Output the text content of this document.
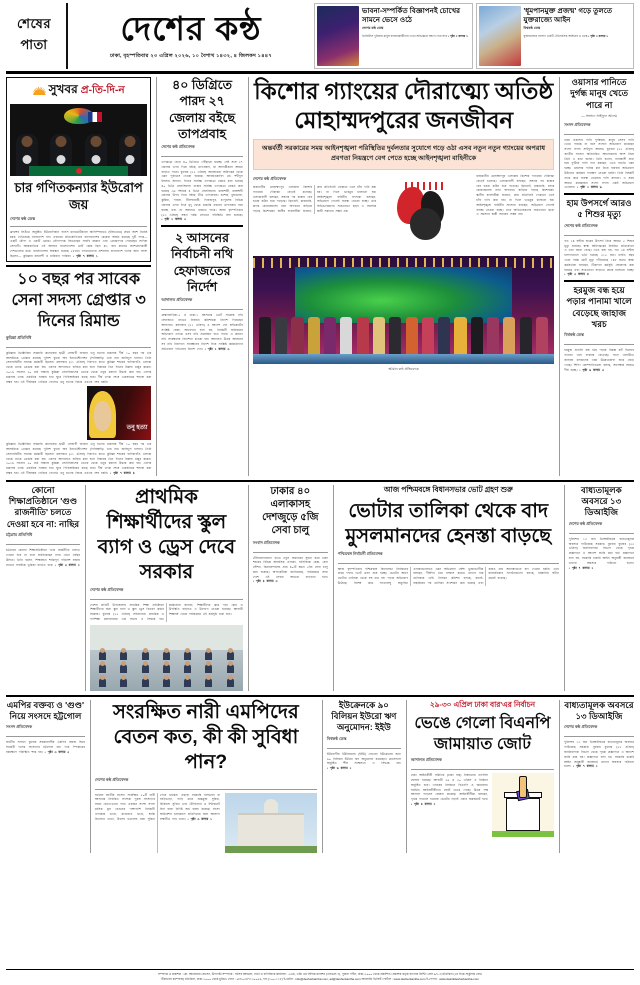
শেষের
পাতা দেশের কন্ঠ
ঢাকা, বৃহস্পতিবার ২৩ এপ্রিল ২০২৬, ১০ বৈশাখ ১৪৩২, ৪ জিলকদ ১৪৪৭
ভাবনা-সম্পর্কিত বিজ্ঞাপনই চোখের সামনে ভেসে ওঠে
দেশের কন্ঠ ডেস্ক
ডিজিটাল দুনিয়ায় মানুষ ব্যবহারকারীদের এখন অভিজ্ঞতা আগে-পরে সবে • পৃষ্ঠা ২ কলাম ১
'ধূমপানমুক্ত প্রজন্ম' গড়ে তুলতে যুক্তরাজ্যে আইন
বিশ্বকন্ঠ ডেস্ক
যুক্তরাজ্যের সংসদে একটি ঐতিহাসিক আইনের ও ডেস্ক • পৃষ্ঠা ২ কলাম ১
সুখবর প্র-তি-দি-ন
চার গণিতকন্যার ইউরোপ জয়
দেশের কন্ঠ ডেস্ক
ফ্রান্সের লিওঁতে অনুষ্ঠিত ইউরোপিয়ান গার্লস ম্যাথমেটিক্যাল অলিম্পিয়াডে (ইজিএমও) প্রথম অংশ নিয়েই চমক দেখিয়েছে বাংলাদেশ দল। এবারের প্রতিযোগিতায় বাংলাদেশের মেয়েরা অর্জন করেছে দুটি পদক— একটি রৌপ্য ও একটি ব্রোঞ্জ। রৌপ্যপদক জিতেছেন সানবি রহমান এবং ব্রোঞ্জপদক পেয়েছেন সাদিয়া সোহানী। আন্তর্জাতিক এই আসরে বাংলাদেশের মোট স্কোর ছিল ৪৮, যার মাধ্যমে অংশগ্রহণকারী দেশগুলোর মধ্যে বাংলাদেশের অবস্থান হয়েছে ৫৮তম। দলনেতাদের প্রশংসায় বাংলাদেশ দলের অন্য সদস্য ছিলেন— কুমিল্লার রায়নন্দী ও মারিয়ান পারিয়া। • পৃষ্ঠা ৭ কলাম ১
১০ বছর পর সাবেক সেনা সদস্য গ্রেপ্তার ৩ দিনের রিমান্ড
কুমিল্লা প্রতিনিধি
কুমিল্লার ভিক্টোরিয়া সরকারি কলেজের ছাত্রী সোহাগী জাহান তনু হত্যার মামলায় দীর্ঘ ১০ বছর পর এক আসামিকে গ্রেপ্তার করেছে পুলিশ ব্যুরো অব ইনভেস্টিগেশন (পিবিআই)। তার নাম জাহিদুল হাসান। তিনি সেনাবাহিনীর সাবেক কর্মচারী ছিলেন। মঙ্গলবার (২১ এপ্রিল) দিবাগত রাতে কুমিল্লা শহরের বাগিচাগাঁও এলাকা থেকে তাকে গ্রেপ্তার করা হয়। এরপর আদালতে হাজির করা হলে বিচারক তিন দিনের রিমান্ড মঞ্জুর করেন। ২০১৬ সালের ২০ মার্চ সন্ধ্যায় কুমিল্লা সেনানিবাসের ভেতর থেকে তনুর মরদেহ উদ্ধার করা হয়। এরপর মামলার তদন্ত একাধিক সংস্থার হাত ঘুরে পিবিআইয়ের কাছে যায়। দীর্ঘ তদন্ত শেষে একজনকে শনাক্ত করা সম্ভব হয়। এই দীর্ঘসময় পেরিয়ে গেলেও তনু হত্যার বিচার এখনো শেষ হয়নি।
তনু হত্যা
কুমিল্লার ভিক্টোরিয়া সরকারি কলেজের ছাত্রী সোহাগী জাহান তনু হত্যার মামলায় দীর্ঘ ১০ বছর পর এক আসামিকে গ্রেপ্তার করেছে পুলিশ ব্যুরো অব ইনভেস্টিগেশন (পিবিআই)। তার নাম জাহিদুল হাসান। তিনি সেনাবাহিনীর সাবেক কর্মচারী ছিলেন। মঙ্গলবার (২১ এপ্রিল) দিবাগত রাতে কুমিল্লা শহরের বাগিচাগাঁও এলাকা থেকে তাকে গ্রেপ্তার করা হয়। এরপর আদালতে হাজির করা হলে বিচারক তিন দিনের রিমান্ড মঞ্জুর করেন। ২০১৬ সালের ২০ মার্চ সন্ধ্যায় কুমিল্লা সেনানিবাসের ভেতর থেকে তনুর মরদেহ উদ্ধার করা হয়। এরপর মামলার তদন্ত একাধিক সংস্থার হাত ঘুরে পিবিআইয়ের কাছে যায়। দীর্ঘ তদন্ত শেষে একজনকে শনাক্ত করা সম্ভব হয়। এই দীর্ঘসময় পেরিয়ে গেলেও তনু হত্যার বিচার এখনো শেষ হয়নি। • পৃষ্ঠা ৭ কলাম ৪
৪০ ডিগ্রিতে পারদ ২৭ জেলায় বইছে তাপপ্রবাহ
দেশের কন্ঠ প্রতিবেদক
তাপমাত্রা বেড়ে ৪০ ডিগ্রিতে পৌঁছানো যাচ্ছে। সেই সঙ্গে ২৭ জেলার ওপর দিয়ে বইছে তাপপ্রবাহ, যা আগামীকাল আরও বাড়তে পারে। বুধবার (২২ এপ্রিল) আবহাওয়া অধিদপ্তর থেকে এমন পূর্বাভাস দেওয়া হয়েছে। আবহাওয়াবিদ মো. শহীদুল ইসলাম জানান, দিনের সর্বোচ্চ তাপমাত্রা রেকর্ড করা হয়েছে ৪০ ডিগ্রি সেলসিয়াস। ঢাকার সর্বোচ্চ তাপমাত্রা রেকর্ড করা হয়েছে ৩৬ দশমিক ৪ ডিগ্রি সেলসিয়াস। রাজশাহী, রাজশাহী জেলার উপর দিয়ে বইছে তীব্র তাপপ্রবাহ। যশোর, চুয়াডাঙ্গা, কুষ্টিয়া, পাবনা, নীলফামারী, দিনাজপুর, রংপুরসহ বিভিন্ন জেলার ওপর দিয়ে মৃদু থেকে মাঝারি ধরনের তাপপ্রবাহ বয়ে যাচ্ছে এবং তা অব্যাহত থাকতে পারে। আজ বৃহস্পতিবার (২৩ এপ্রিল) সন্ধ্যা পর্যন্ত সেখানে পরিস্থিতি বলা হয়েছে। • পৃষ্ঠা ২ কলাম ৫
২ আসনের নির্বাচনী নথি হেফাজতের নির্দেশ
আদালত প্রতিবেদক
ব্রাহ্মণবাড়িয়া-২ ও ঢাকা-১ আসনের ভোট সংক্রান্ত নথি হেফাজতে রাখতে নির্বাচন কমিশনকে নির্দেশ দিয়েছেন আদালত। মঙ্গলবার (২১ এপ্রিল) এ আদেশ দেন হাইকোর্টের সংশ্লিষ্ট বেঞ্চ। আবেদনে বলা হয়, নির্বাচনী অনিয়মের অভিযোগ তদন্তে এসব নথি প্রয়োজন হতে পারে। এ কারণে নথি সংরক্ষণের নির্দেশনা চাওয়া হয়। আদালত উভয় আসনের সব নথি নিরাপদে সংরক্ষণের নির্দেশ দিয়ে সংশ্লিষ্ট কর্মকর্তাদের প্রতিবেদন দাখিলের নির্দেশ দেন। • পৃষ্ঠা ২ কলাম ৩
কিশোর গ্যাংয়ের দৌরাত্ম্যে অতিষ্ঠ মোহাম্মদপুরের জনজীবন
অন্তর্বর্তী সরকারের সময় আইনশৃঙ্খলা পরিস্থিতির দুর্বলতার সুযোগে গড়ে ওঠা এসব নতুন নতুন গ্যাংয়ের অপরাধ প্রবণতা নিয়ন্ত্রণে বেগ পেতে হচ্ছে আইনশৃঙ্খলা বাহিনীকে
দেশের কন্ঠ প্রতিবেদক
রাজধানীর মোহাম্মদপুর এলাকায় কিশোর গ্যাংয়ের দৌরাত্ম্য বেড়েই চলেছে। এলাকাবাসী বলছেন, সন্ধ্যার পর রাস্তায় বের হওয়া কঠিন হয়ে পড়েছে। ছিনতাই, মারামারি, মাদক কেনাবেচাসহ নানা অপরাধে জড়িয়ে পড়ছে কিশোররা। স্থানীয় ব্যবসায়ীরা জানান, প্রায় প্রতিদিনই দোকানে এসে চাঁদা দাবি করা হয়। না দিলে ভাঙচুর চালানো হয়। আইনশৃঙ্খলা বাহিনীর সদস্যরা বলছেন, অভিযোগ পেলেই ব্যবস্থা নেওয়া হচ্ছে। তবে অভিভাবকদের সচেতনতা ছাড়া এ সমস্যার স্থায়ী সমাধান সম্ভব নয়।
রাজধানীর মোহাম্মদপুর এলাকায় কিশোর গ্যাংয়ের দৌরাত্ম্য বেড়েই চলেছে। এলাকাবাসী বলছেন, সন্ধ্যার পর রাস্তায় বের হওয়া কঠিন হয়ে পড়েছে। ছিনতাই, মারামারি, মাদক কেনাবেচাসহ নানা অপরাধে জড়িয়ে পড়ছে কিশোররা। স্থানীয় ব্যবসায়ীরা জানান, প্রায় প্রতিদিনই দোকানে এসে চাঁদা দাবি করা হয়। না দিলে ভাঙচুর চালানো হয়। আইনশৃঙ্খলা বাহিনীর সদস্যরা বলছেন, অভিযোগ পেলেই ব্যবস্থা নেওয়া হচ্ছে। তবে অভিভাবকদের সচেতনতা ছাড়া এ সমস্যার স্থায়ী সমাধান সম্ভব নয়।
আমান কন্ঠ প্রতিবেদক
ওয়াসার পানিতে দুর্গন্ধ মানুষ খেতে পারে না
— সংসদে সাইফুল আলম
সংসদ প্রতিবেদক
ঢাকা ওয়াসার পানি দুর্গন্ধময়, মানুষ সেসব পানি খেতে পারছে না বলে সংসদে অভিযোগ করেছেন সংসদ সদস্য সাইফুল আলম। বুধবার (২২ এপ্রিল) জাতীয় সংসদে অনির্ধারিত আলোচনায় অংশ নিয়ে তিনি এ কথা বলেন। তিনি বলেন, নগরবাসী বাধ্য হয়ে ফুটিয়ে পানি পান করছেন, এতে বাড়তি খরচ হচ্ছে। ওয়াসার পানির মান নিয়ে বারবার অভিযোগ উঠলেও কার্যকর পদক্ষেপ নেওয়া হয়নি। তিনি বিষয়টি তদন্ত করে ব্যবস্থা নেওয়ার দাবি জানান। এ সময় আরও কয়েকজন সংসদ সদস্য একই অভিযোগ তোলেন। • পৃষ্ঠা ২ কলাম ৬
হাম উপসর্গে আরও ৫ শিশুর মৃত্যু
দেশের কন্ঠ প্রতিবেদক
গত ২৪ ঘণ্টায় হামের উপসর্গ নিয়ে আরও ৫ শিশুর মৃত্যু হয়েছে। স্বাস্থ্য অধিদপ্তরের নিয়মিত প্রতিবেদনে এ তথ্য জানা গেছে। এতে বলা হয়, গত ২৪ ঘণ্টায় হাসপাতালে ভর্তি হয়েছে ২১৫ জন। চলতি বছর এখন পর্যন্ত মোট মৃত্যু দাঁড়িয়েছে ১৪৮ জনে। স্বাস্থ্য কর্মকর্তারা বলছেন, টিকাদান কর্মসূচি জোরদার করা হয়েছে এবং সচেতনতা বাড়াতে প্রচার চালানো হচ্ছে। • পৃষ্ঠা ৫ কলাম ৪
হরমুজ বন্ধ হয়ে পড়ার পানামা খালে বেড়েছে জাহাজ খরচ
বিশ্বকন্ঠ ডেস্ক
হরমুজ প্রণালি বন্ধ হয়ে পড়ায় বিকল্প রুট হিসেবে পানামা খাল ব্যবহার বেড়েছে। ফলে খালটিতে জাহাজ চলাচলের খরচ উল্লেখযোগ্য হারে বেড়ে গেছে। শিপিং কোম্পানিগুলো বলছে, অপেক্ষার সময়ও দীর্ঘ হচ্ছে। • পৃষ্ঠা ৬ কলাম ৩
কোনো শিক্ষাপ্রতিষ্ঠানে 'গুণ্ড রাজনীতি' চলতে দেওয়া হবে না: নাছির
চট্টগ্রাম প্রতিনিধি
চট্টগ্রামে কোনো শিক্ষাপ্রতিষ্ঠানে 'গুণ্ড রাজনীতি' চলতে দেওয়া হবে না বলে জানিয়েছেন নগর নেতা নাছির উদ্দিন। তিনি বলেন, শিক্ষাঙ্গনে শান্তিপূর্ণ পরিবেশ বজায় রাখতে সবাইকে ভূমিকা রাখতে হবে। • পৃষ্ঠা ৩ কলাম ২
প্রাথমিক শিক্ষার্থীদের স্কুল ব্যাগ ও ড্রেস দেবে সরকার
দেশের কন্ঠ প্রতিবেদক
দেশের প্রতিটি উপজেলায় প্রাথমিক শিক্ষা প্রতিষ্ঠানে শিক্ষার্থীদের জন্য স্কুল ব্যাগ ও স্কুল ড্রেস বিতরণ করবে সরকার। বুধবার (২২ এপ্রিল) সচিবালয়ে প্রাথমিক ও গণশিক্ষা মন্ত্রণালয়ের এক সভায় এ সিদ্ধান্ত হয়। কর্মকর্তারা জানান, শিক্ষার্থীদের ঝরে পড়া রোধ ও উপস্থিতি বাড়াতে এ উদ্যোগ নেওয়া হয়েছে। আগামী শিক্ষাবর্ষ থেকে পর্যায়ক্রমে এই কর্মসূচি শুরু হবে।
ঢাকার ৪০ এলাকাসহ দেশজুড়ে ৫জি সেবা চালু
সংবাদ প্রতিবেদক
টেলিযোগাযোগ খাতে নতুন অধ্যায়ের সূচনা করে ঢাকা শহরের বিভিন্ন আবাসিক এলাকা, বাণিজ্যিক কেন্দ্র, রেল স্টেশন, বিমানবন্দরসহ প্রায় ৪০টি স্থানে ৫জি সেবা চালু করা হয়েছে। অপারেটররা জানিয়েছে, পর্যায়ক্রমে সারা দেশে এই সেবার আওতা বাড়ানো হবে। • পৃষ্ঠা ৪ কলাম ৩
আজ পশ্চিমবঙ্গে বিধানসভার ভোট গ্রহণ শুরু
ভোটার তালিকা থেকে বাদ মুসলমানদের হেনস্তা বাড়ছে
পশ্চিমবঙ্গ নির্বাচনী প্রতিবেদক
আজ বৃহস্পতিবার পশ্চিমবঙ্গে বিধানসভা নির্বাচনের প্রথম দফার ভোট গ্রহণ শুরু হচ্ছে। ভোটের আগে ভোটার তালিকা থেকে বহু নাম বাদ পড়ার অভিযোগ উঠেছে। বিশেষ করে সংখ্যালঘু অধ্যুষিত এলাকাগুলোতে এমন অভিযোগ বেশি। ভুক্তভোগীরা বলছেন, দীর্ঘদিন ধরে বসবাস করেও তাদের নাম তালিকায় নেই। নির্বাচন কমিশন বলছে, যাচাই-বাছাইয়ের পর তালিকা সংশোধন করা হয়েছে এবং কারও নাম অন্যায্যভাবে বাদ দেওয়া হয়নি। তবে মানবাধিকার সংগঠনগুলো বলছে, হয়রানির ঘটনা ক্রমেই বাড়ছে।
বাধ্যতামূলক অবসরে ১৩ ডিআইজি
দেশের কন্ঠ প্রতিবেদক
পুলিশের ১৩ জন ডিআইজিকে বাধ্যতামূলক অবসরে পাঠিয়েছে সরকার। বুধবার বুধবার (২২ এপ্রিল) জননিরাপত্তা বিভাগ থেকে পৃথক প্রজ্ঞাপনে এ আদেশ জারি করা হয়। প্রজ্ঞাপনে বলা হয়, সরকারি চাকরি আইন অনুযায়ী জনস্বার্থে তাদের অবসরে পাঠানো হলো। • পৃষ্ঠা ৭ কলাম ২
এমপির বক্তব্য ও 'গুণ্ড' নিয়ে সংসদে হট্টগোল
সংসদ প্রতিবেদক
জাতীয় সংসদে বুধবার সরকারদলীয় এমপির বক্তব্য ঘিরে বিরোধী দলের সদস্যদের হট্টগোল হয়। পরে স্পিকারের হস্তক্ষেপে পরিস্থিতি শান্ত হয়। • পৃষ্ঠা ৩ কলাম ৫
সংরক্ষিত নারী এমপিদের বেতন কত, কী কী সুবিধা পান?
দেশের কন্ঠ প্রতিবেদক
বর্তমান জাতীয় সংসদে সংরক্ষিত ৫০টি নারী আসনের নির্বাচিত সদস্যরা পুরুষ সদস্যদের সমান বেতন-ভাতা পান। একজন সংসদ সদস্য মাসিক মূল বেতনের পাশাপাশি নির্বাচনী এলাকার ভাতা, যাতায়াত ভাতা, শ্রান্তি বিনোদন ভাতা, উৎসব ভাতাসহ নানা সুবিধা পেয়ে থাকেন। এছাড়া সরকারি বাসভবন বা বাড়িভাড়া, গাড়ি ক্রয়ে শুল্কমুক্ত সুবিধা, চিকিৎসা সুবিধা এবং টেলিফোন ও ইন্টারনেট বিল বাবদ নির্দিষ্ট অর্থ বরাদ্দ রয়েছে। সংসদ অধিবেশন চলাকালে প্রতিদিনের জন্য আলাদা সম্মানীও পান তারা। • পৃষ্ঠা ৩ কলাম ১
ইউক্রেনকে ৯০ বিলিয়ন ইউরো ঋণ অনুমোদন: ইইউ
বিশ্বকন্ঠ ডেস্ক
ইউরোপীয় ইউনিয়নের (ইইউ) নেতারা ইউক্রেনের জন্য ৯০ বিলিয়ন ইউরো ঋণ অনুমোদন করেছেন। ব্রাসেলসে অনুষ্ঠিত শীর্ষ সম্মেলনে এ সিদ্ধান্ত হয়। • পৃষ্ঠা ৬ কলাম ১
২৯-৩০ এপ্রিল ঢাকা বার'এর নির্বাচন
ভেঙে গেলো বিএনপি জামায়াত জোট
আদালত প্রতিবেদক
ঢাকা আইনজীবী সমিতির (ঢাকা বার) নির্বাচনের তফসিল ঘোষণা হয়েছে। আগামী ২৯ ও ৩০ এপ্রিল এ নির্বাচন অনুষ্ঠিত হবে। এবারের নির্বাচনে বিএনপি ও জামায়াত সমর্থিত আইনজীবীদের জোট ভেঙে গেছে। উভয় পক্ষ আলাদা প্যানেল ঘোষণা করেছে। আইনজীবীরা বলছেন, পৃথক প্যানেল হওয়ায় ভোটের লড়াই এবার জমজমাট হবে। • পৃষ্ঠা ৪ কলাম ২
বাধ্যতামূলক অবসরে ১৩ ডিআইজি
দেশের কন্ঠ প্রতিবেদক
পুলিশের ১৩ জন ডিআইজিকে বাধ্যতামূলক অবসরে পাঠিয়েছে সরকার। বুধবার বুধবার (২২ এপ্রিল) জননিরাপত্তা বিভাগ থেকে পৃথক প্রজ্ঞাপনে এ আদেশ জারি করা হয়। প্রজ্ঞাপনে বলা হয়, সরকারি চাকরি আইন অনুযায়ী জনস্বার্থে তাদের অবসরে পাঠানো হলো। • পৃষ্ঠা ৭ কলাম ২

সম্পাদক ও প্রকাশক : মো. আনোয়ার হোসেন, উপদেষ্টা সম্পাদক : নাসির আহমেদ, বার্তা ও বাণিজ্যিক কার্যালয় : ৫৩/৪, এইচ এম সিদ্দিক ম্যানশন (লেভেল-৭), পুরানা পল্টন, ঢাকা-১০০০ থেকে প্রকাশিত। প্রকাশক কর্তৃক বাংলার প্রিন্টিং প্রেস ৯/১-এ মতিঝিল (১ম দিকে সার্কুলার রোড

টিকাতলা কম্পোজ) মতিঝিল, ঢাকা-১০০০ থেকে মুদ্রিত। ফোন : +৮৮০২৪৭১২০০৫৯, ফ্যা.(১০০-১১৮) ই-মেইল : info@desherkantha.com, ad@desherkantha.com অনলাইন ভিজিট পোর্টাল : www.desherkantha.com ই-পেপার : www.dainikdesherkantha.com
